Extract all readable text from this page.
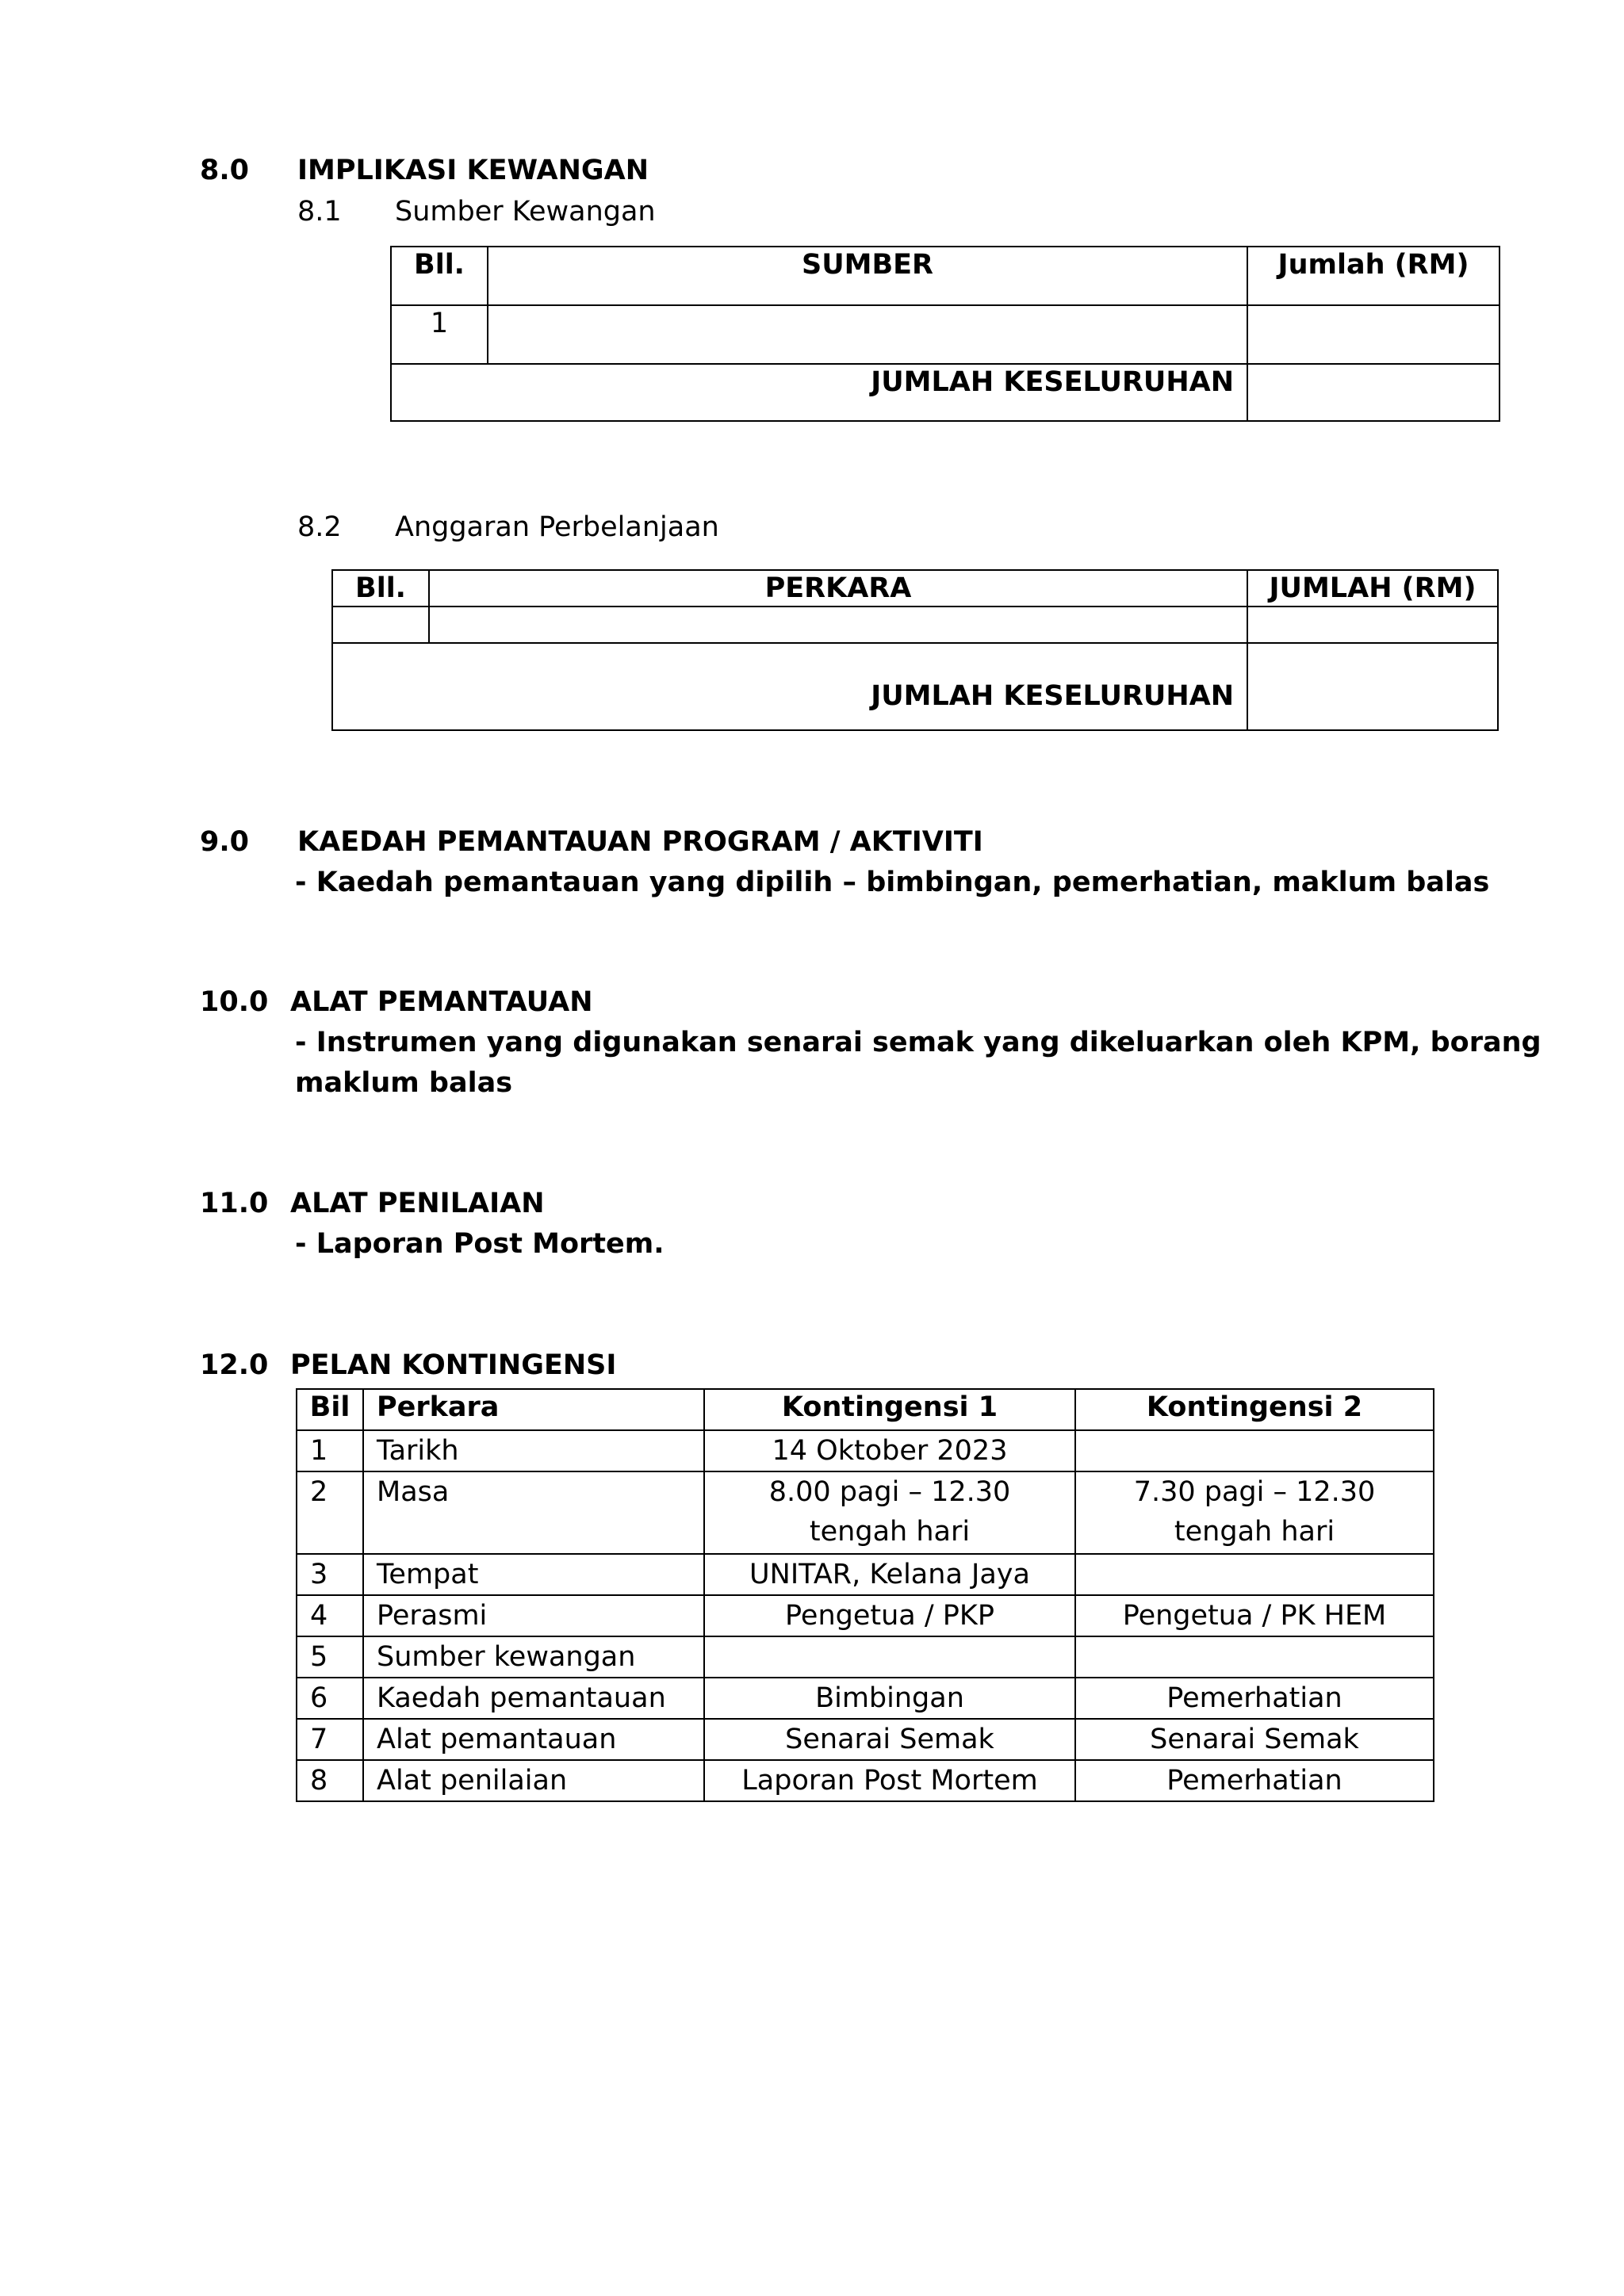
8.0 IMPLIKASI KEWANGAN
8.1 Sumber Kewangan
Bll.	SUMBER	Jumlah (RM)
1		
JUMLAH KESELURUHAN		
8.2 Anggaran Perbelanjaan
Bll.	PERKARA	JUMLAH (RM)

JUMLAH KESELURUHAN		
9.0 KAEDAH PEMANTAUAN PROGRAM / AKTIVITI
- Kaedah pemantauan yang dipilih – bimbingan, pemerhatian, maklum balas
10.0 ALAT PEMANTAUAN
- Instrumen yang digunakan senarai semak yang dikeluarkan oleh KPM, borang
maklum balas
11.0 ALAT PENILAIAN
- Laporan Post Mortem.
12.0 PELAN KONTINGENSI
Bil	Perkara	Kontingensi 1	Kontingensi 2
1	Tarikh	14 Oktober 2023	
2	Masa	8.00 pagi – 12.30 tengah hari	7.30 pagi – 12.30 tengah hari
3	Tempat	UNITAR, Kelana Jaya	
4	Perasmi	Pengetua / PKP	Pengetua / PK HEM
5	Sumber kewangan		
6	Kaedah pemantauan	Bimbingan	Pemerhatian
7	Alat pemantauan	Senarai Semak	Senarai Semak
8	Alat penilaian	Laporan Post Mortem	Pemerhatian
